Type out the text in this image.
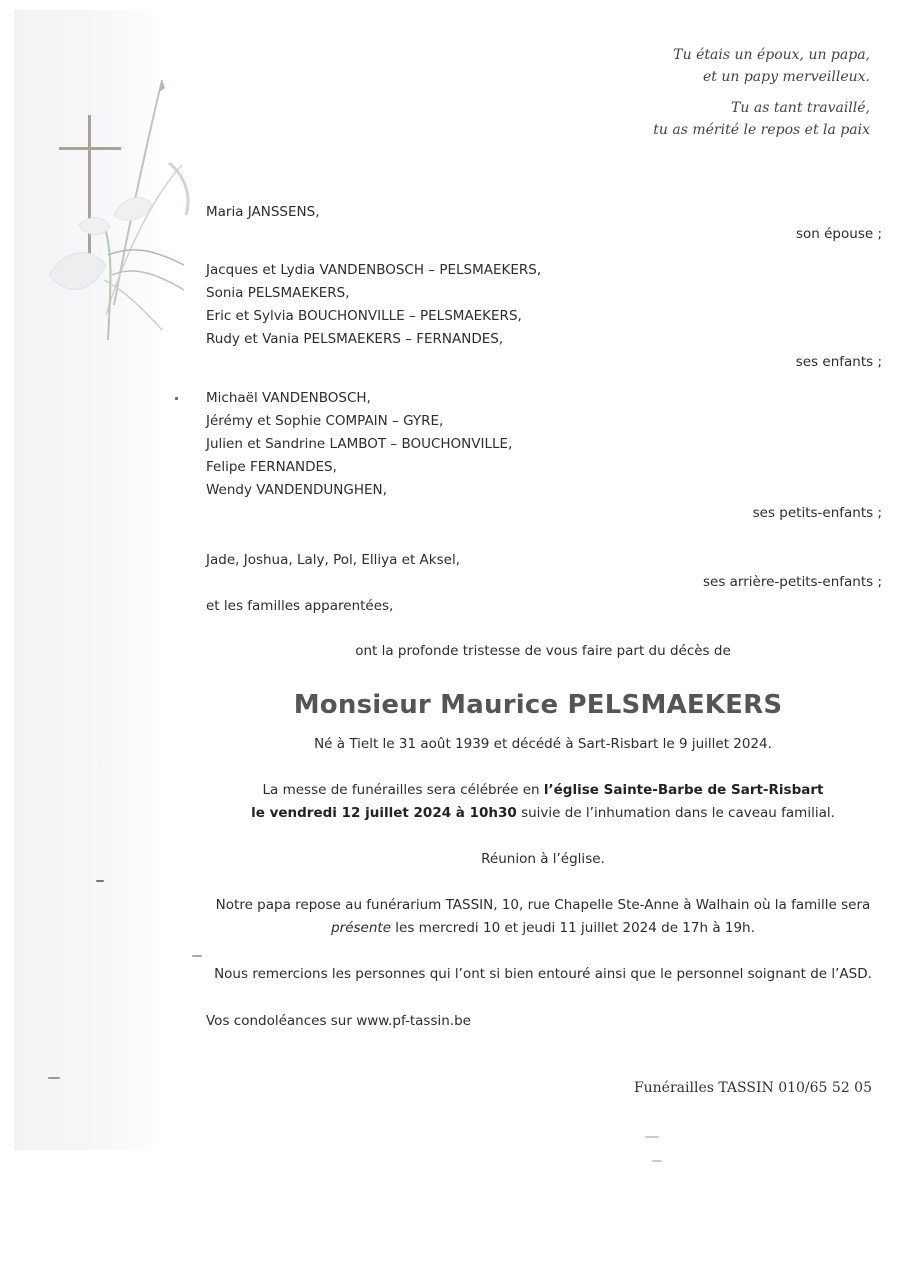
Tu étais un époux, un papa,
et un papy merveilleux.
Tu as tant travaillé,
tu as mérité le repos et la paix
Maria JANSSENS,
son épouse ;
Jacques et Lydia VANDENBOSCH – PELSMAEKERS,
Sonia PELSMAEKERS,
Eric et Sylvia BOUCHONVILLE – PELSMAEKERS,
Rudy et Vania PELSMAEKERS – FERNANDES,
ses enfants ;
Michaël VANDENBOSCH,
Jérémy et Sophie COMPAIN – GYRE,
Julien et Sandrine LAMBOT – BOUCHONVILLE,
Felipe FERNANDES,
Wendy VANDENDUNGHEN,
ses petits-enfants ;
Jade, Joshua, Laly, Pol, Elliya et Aksel,
ses arrière-petits-enfants ;
et les familles apparentées,
ont la profonde tristesse de vous faire part du décès de
Monsieur Maurice PELSMAEKERS
Né à Tielt le 31 août 1939 et décédé à Sart-Risbart le 9 juillet 2024.
La messe de funérailles sera célébrée en l’église Sainte-Barbe de Sart-Risbart
le vendredi 12 juillet 2024 à 10h30 suivie de l’inhumation dans le caveau familial.
Réunion à l’église.
Notre papa repose au funérarium TASSIN, 10, rue Chapelle Ste-Anne à Walhain où la famille sera
présente les mercredi 10 et jeudi 11 juillet 2024 de 17h à 19h.
Nous remercions les personnes qui l’ont si bien entouré ainsi que le personnel soignant de l’ASD.
Vos condoléances sur www.pf-tassin.be
Funérailles TASSIN 010/65 52 05
